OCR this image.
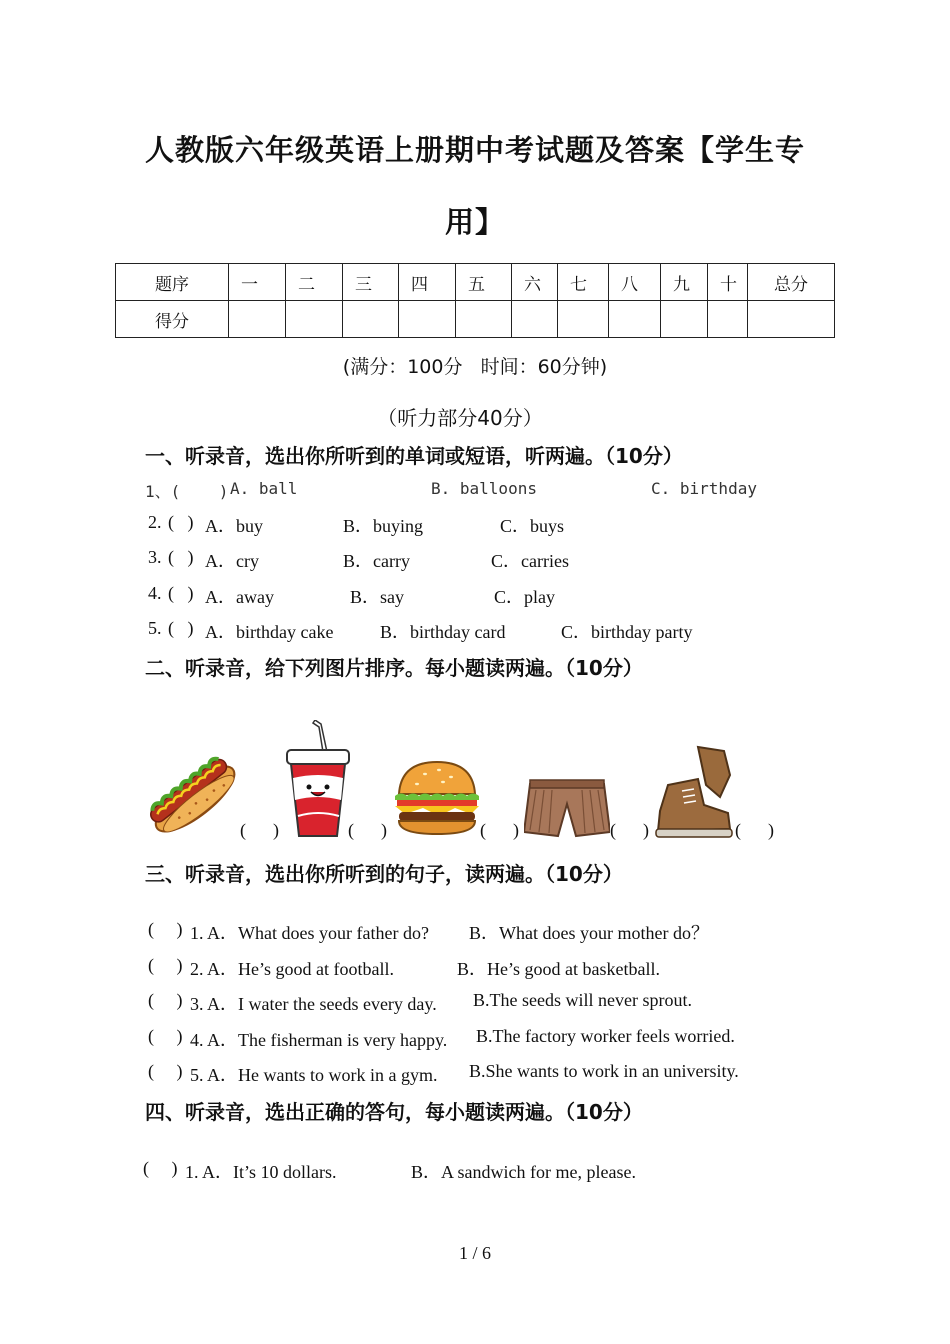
人教版六年级英语上册期中考试题及答案【学生专
用】
题序	一	二	三	四	五	六	七	八	九	十	总分
得分											
(满分：100分   时间：60分钟)
（听力部分40分）
一、听录音，选出你所听到的单词或短语，听两遍。（10分）
1、(    ) A. ball	B. balloons	C. birthday
2. (   ) A．buy	B．buying	C．buys
3. (   ) A．cry	B．carry	C．carries
4. (   ) A．away	B．say	C．play
5. (   ) A．birthday cake	B．birthday card	C．birthday party
二、听录音，给下列图片排序。每小题读两遍。（10分）
(      )	(      )	(      )	(      )	(      )
三、听录音，选出你所听到的句子，读两遍。（10分）
(     ) 1. A．What does your father do? B．What does your mother do？
(     ) 2. A．He’s good at football.	B．He’s good at basketball.
(     ) 3. A．I water the seeds every day. B.The seeds will never sprout.
(     ) 4. A．The fisherman is very happy. B.The factory worker feels worried.
(     ) 5. A．He wants to work in a gym. B.She wants to work in an university.
四、听录音，选出正确的答句，每小题读两遍。（10分）
(     ) 1. A．It’s 10 dollars.	B．A sandwich for me, please.
1 / 6
